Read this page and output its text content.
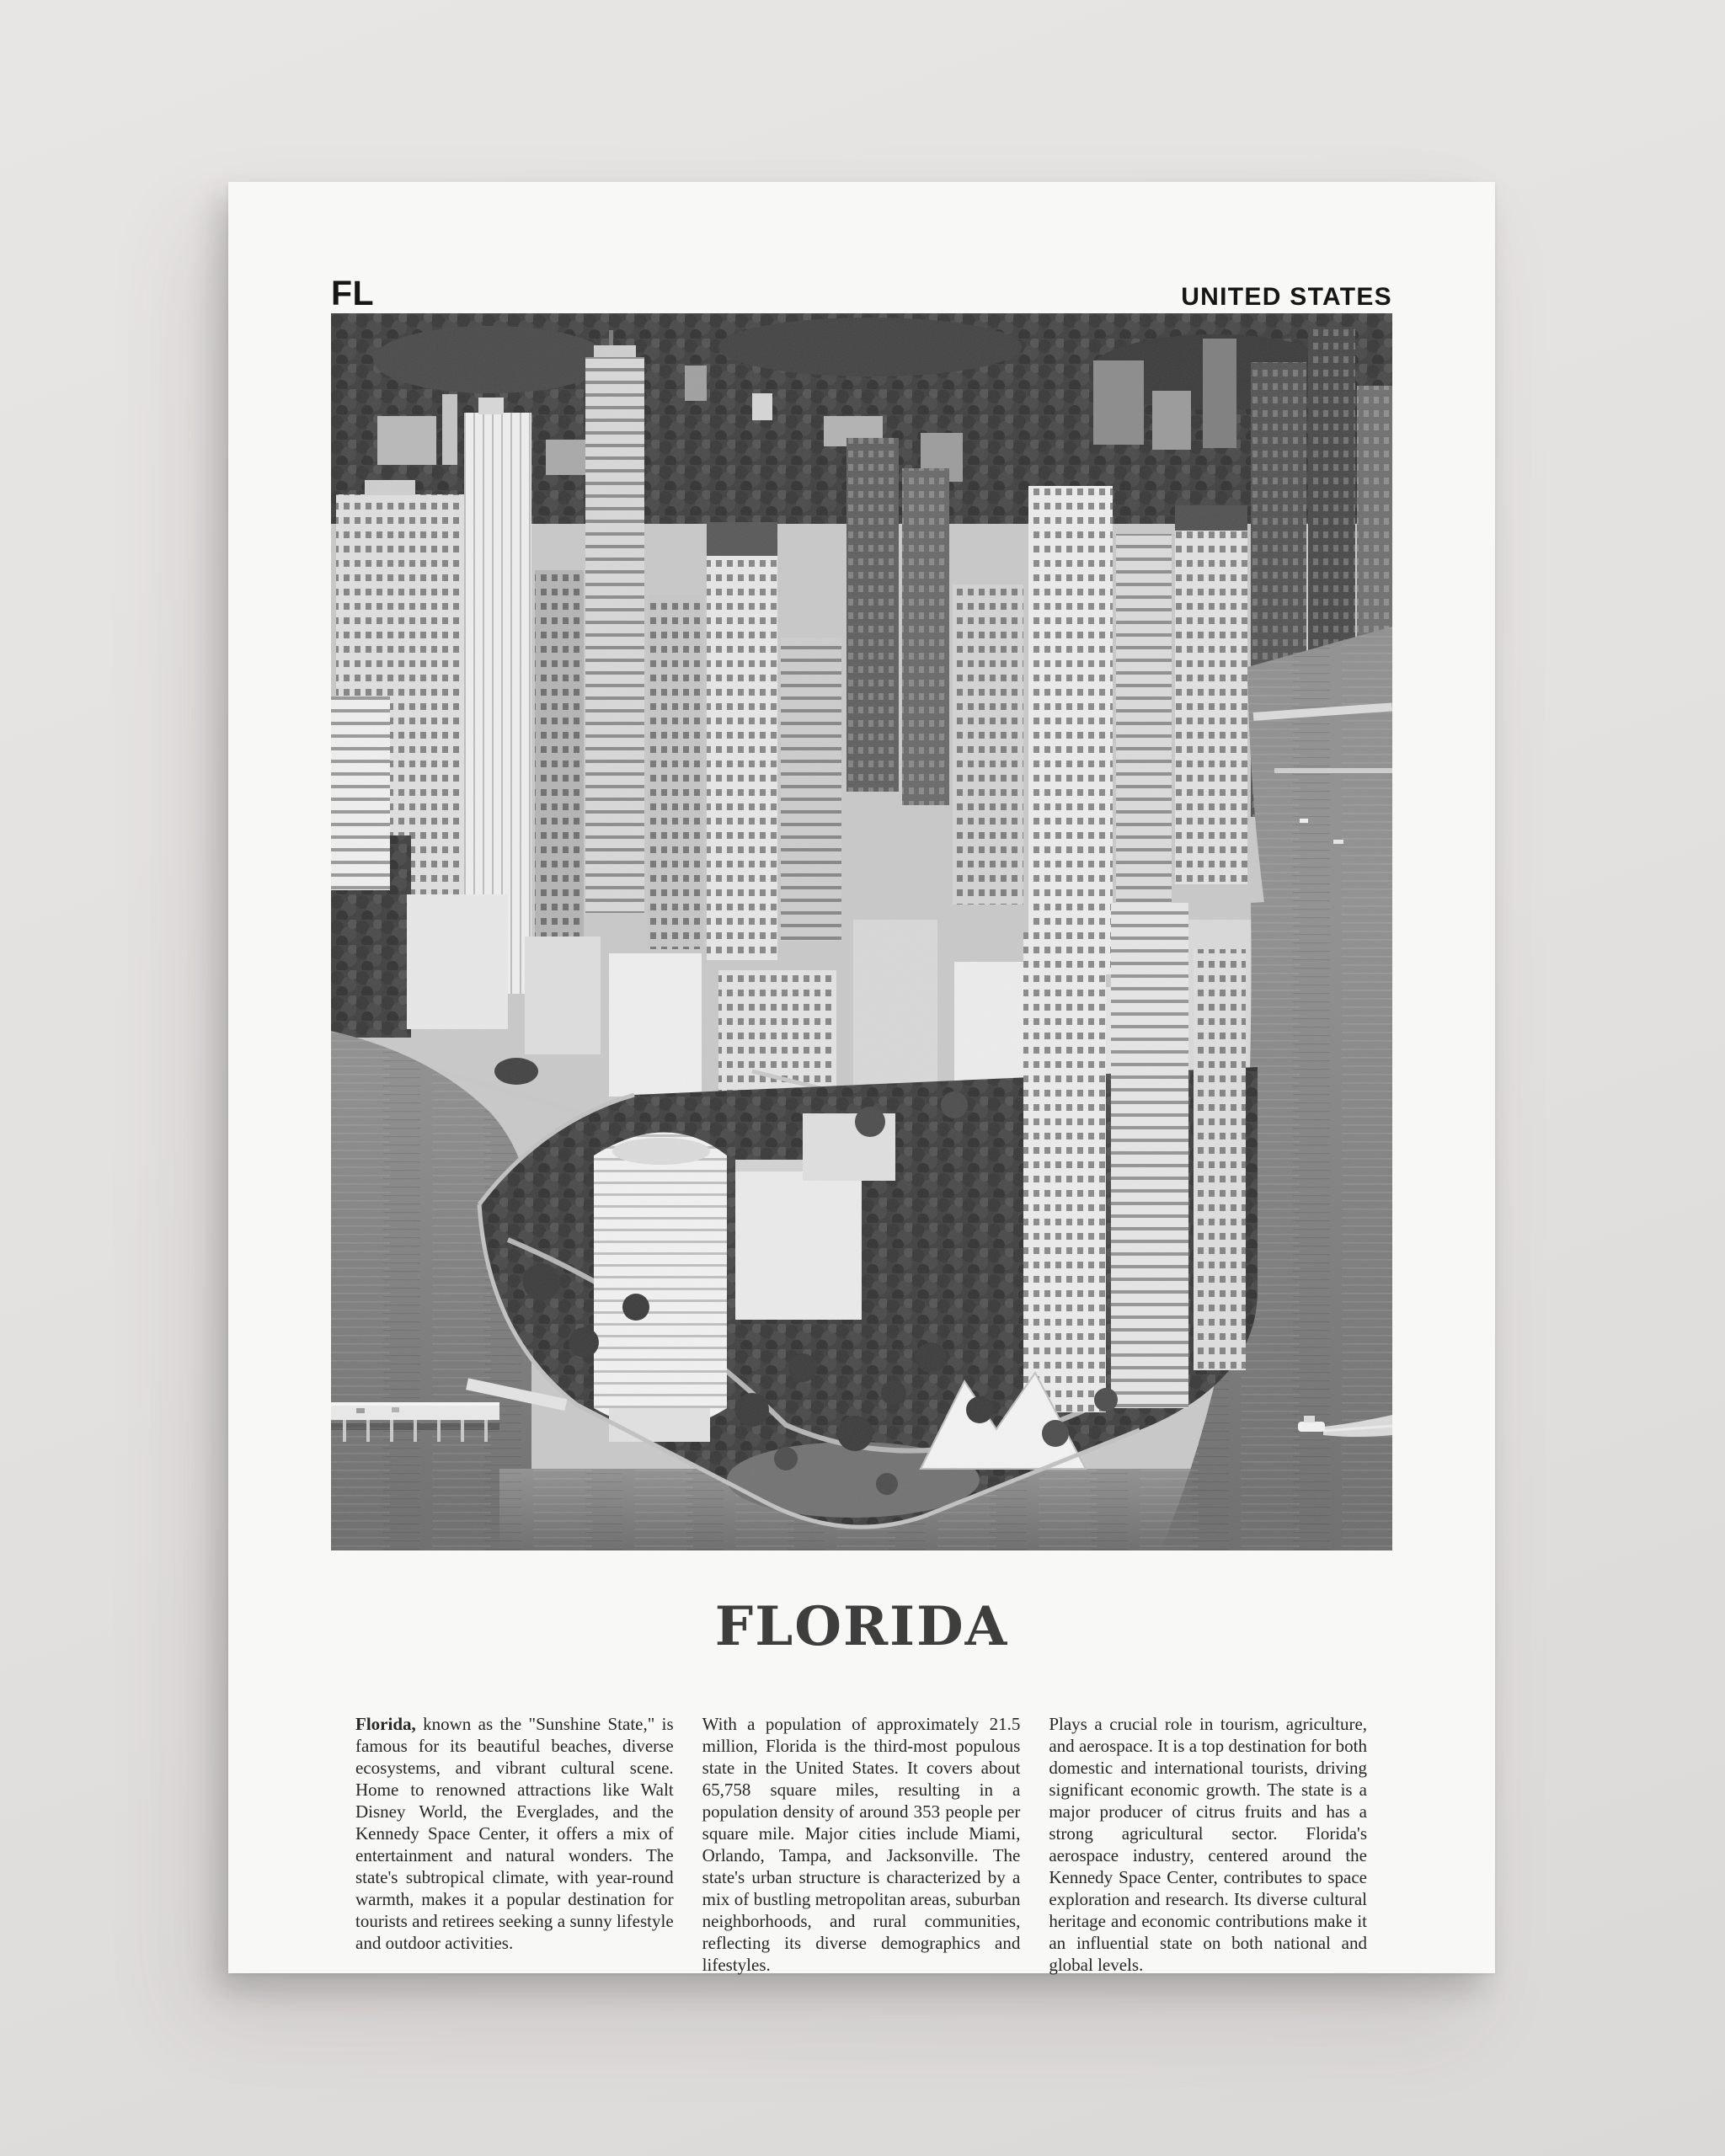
FL	UNITED STATES
FLORIDA

Florida, known as the "Sunshine State," is famous for its beautiful beaches, diverse ecosystems, and vibrant cultural scene. Home to renowned attractions like Walt Disney World, the Everglades, and the Kennedy Space Center, it offers a mix of entertainment and natural wonders. The state's subtropical climate, with year-round warmth, makes it a popular destination for tourists and retirees seeking a sunny lifestyle and outdoor activities.

With a population of approximately 21.5 million, Florida is the third-most populous state in the United States. It covers about 65,758 square miles, resulting in a population density of around 353 people per square mile. Major cities include Miami, Orlando, Tampa, and Jacksonville. The state's urban structure is characterized by a mix of bustling metropolitan areas, suburban neighborhoods, and rural communities, reflecting its diverse demographics and lifestyles.

Plays a crucial role in tourism, agriculture, and aerospace. It is a top destination for both domestic and international tourists, driving significant economic growth. The state is a major producer of citrus fruits and has a strong agricultural sector. Florida's aerospace industry, centered around the Kennedy Space Center, contributes to space exploration and research. Its diverse cultural heritage and economic contributions make it an influential state on both national and global levels.
